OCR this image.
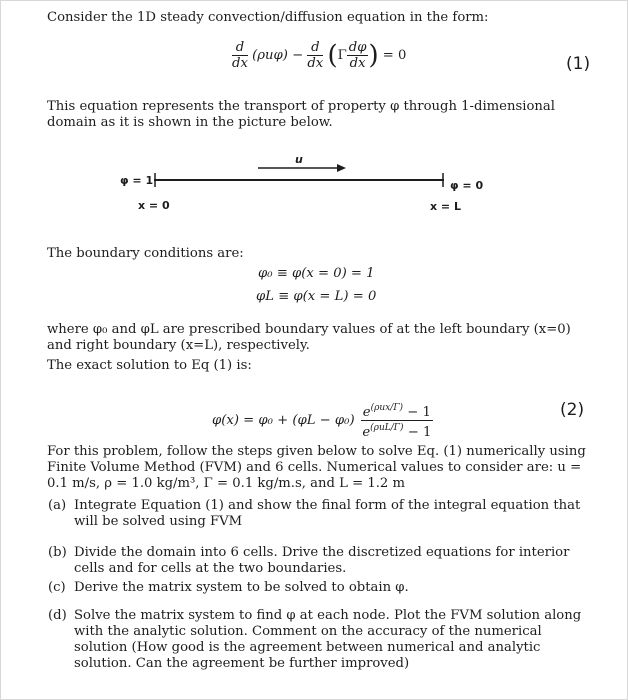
Consider the 1D steady convection/diffusion equation in the form:
$\frac{d}{dx} (\rho u\varphi) - \frac{d}{dx} (\Gamma \frac{d\varphi}{dx}$ ) = 0	(1)
This equation represents the transport of property φ through 1-dimensional domain as it is shown in the picture below.
u
φ = 1
x = 0
φ = 0
x = L
The boundary conditions are:
φ₀ ≡ φ(x = 0) = 1
φL ≡ φ(x = L) = 0
where φ₀ and φL are prescribed boundary values of at the left boundary (x=0) and right boundary (x=L), respectively.
The exact solution to Eq (1) is:
$\varphi(x) = \varphi_0 + (\varphi L - \varphi_0) \frac{e^{(\rho ux/\Gamma)} - 1}{e^{(\rho uL/\Gamma)} - 1}$	(2)
For this problem, follow the steps given below to solve Eq. (1) numerically using Finite Volume Method (FVM) and 6 cells. Numerical values to consider are: u = 0.1 m/s, ρ = 1.0 kg/m³, Γ = 0.1 kg/m.s, and L = 1.2 m
(a) Integrate Equation (1) and show the final form of the integral equation that will be solved using FVM
(b) Divide the domain into 6 cells. Drive the discretized equations for interior cells and for cells at the two boundaries.
(c) Derive the matrix system to be solved to obtain φ.
(d) Solve the matrix system to find φ at each node. Plot the FVM solution along with the analytic solution. Comment on the accuracy of the numerical solution (How good is the agreement between numerical and analytic solution. Can the agreement be further improved)
